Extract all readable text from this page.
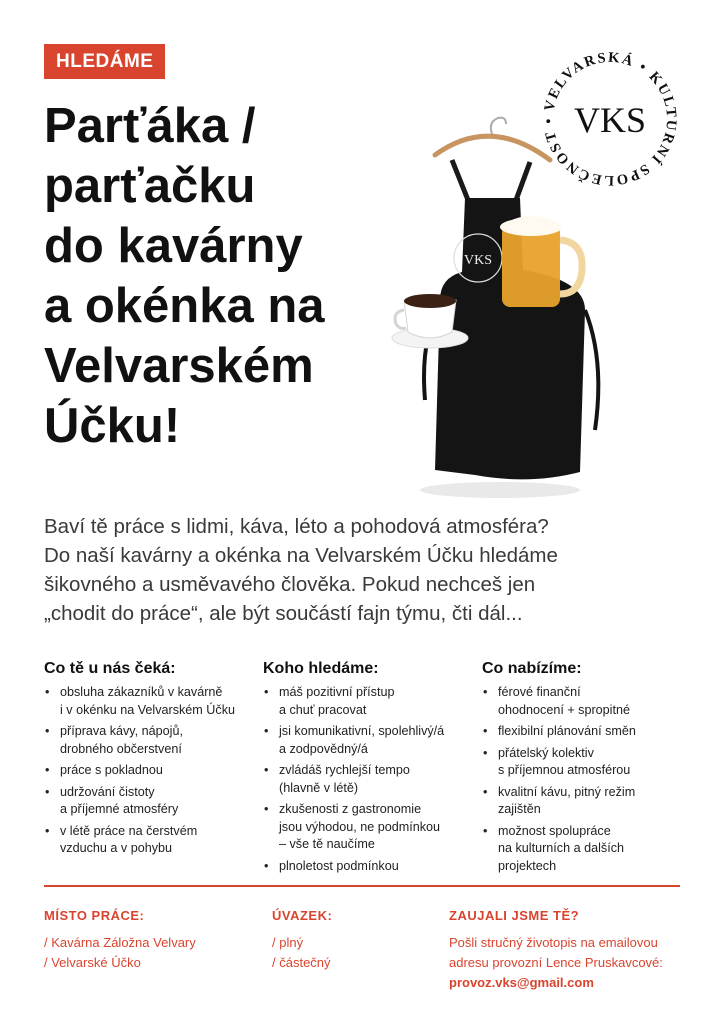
HLEDÁME
Parťáka /
parťačku
do kavárny
a okénka na
Velvarském
Účku!
VELVARSKÁ • KULTURNÍ SPOLEČNOST • VKS
VKS
Baví tě práce s lidmi, káva, léto a pohodová atmosféra?
Do naší kavárny a okénka na Velvarském Účku hledáme
šikovného a usměvavého člověka. Pokud nechceš jen
„chodit do práce“, ale být součástí fajn týmu, čti dál...
Co tě u nás čeká:
• obsluha zákazníků v kavárně
i v okénku na Velvarském Účku
• příprava kávy, nápojů,
drobného občerstvení
• práce s pokladnou
• udržování čistoty
a příjemné atmosféry
• v létě práce na čerstvém
vzduchu a v pohybu
Koho hledáme:
• máš pozitivní přístup
a chuť pracovat
• jsi komunikativní, spolehlivý/á
a zodpovědný/á
• zvládáš rychlejší tempo
(hlavně v létě)
• zkušenosti z gastronomie
jsou výhodou, ne podmínkou
– vše tě naučíme
• plnoletost podmínkou
Co nabízíme:
• férové finanční
ohodnocení + spropitné
• flexibilní plánování směn
• přátelský kolektiv
s příjemnou atmosférou
• kvalitní kávu, pitný režim
zajištěn
• možnost spolupráce
na kulturních a dalších
projektech
MÍSTO PRÁCE:
/ Kavárna Záložna Velvary
/ Velvarské Účko
ÚVAZEK:
/ plný
/ částečný
ZAUJALI JSME TĚ?
Pošli stručný životopis na emailovou
adresu provozní Lence Pruskavcové:
provoz.vks@gmail.com
